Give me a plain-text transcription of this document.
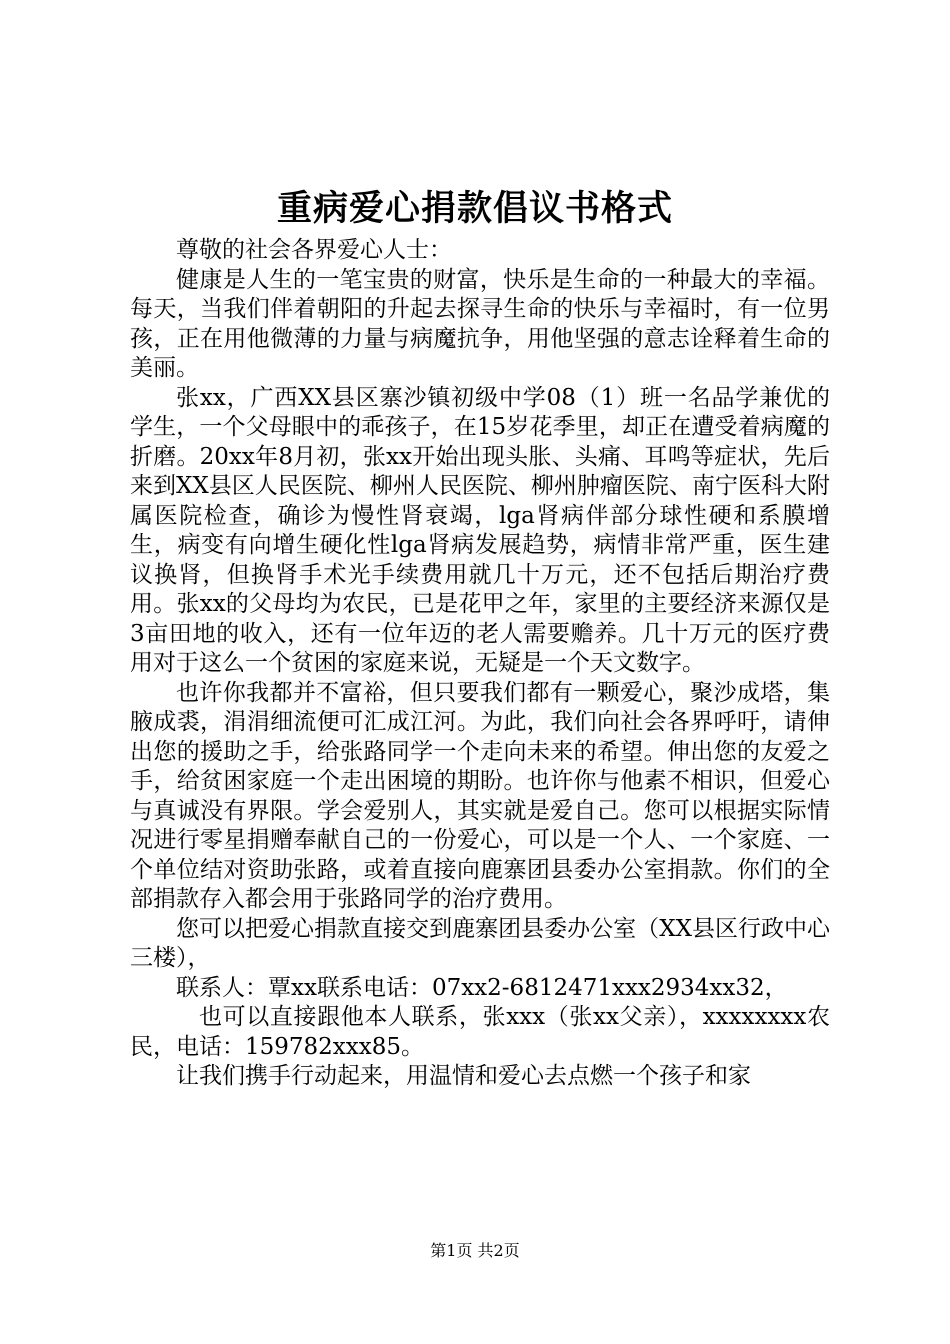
重病爱心捐款倡议书格式

尊敬的社会各界爱心人士：

健康是人生的一笔宝贵的财富，快乐是生命的一种最大的幸福。每天，当我们伴着朝阳的升起去探寻生命的快乐与幸福时，有一位男孩，正在用他微薄的力量与病魔抗争，用他坚强的意志诠释着生命的美丽。

张xx，广西XX县区寨沙镇初级中学08（1）班一名品学兼优的学生，一个父母眼中的乖孩子，在15岁花季里，却正在遭受着病魔的折磨。20xx年8月初，张xx开始出现头胀、头痛、耳鸣等症状，先后来到XX县区人民医院、柳州人民医院、柳州肿瘤医院、南宁医科大附属医院检查，确诊为慢性肾衰竭，lga肾病伴部分球性硬和系膜增生，病变有向增生硬化性lga肾病发展趋势，病情非常严重，医生建议换肾，但换肾手术光手续费用就几十万元，还不包括后期治疗费用。张xx的父母均为农民，已是花甲之年，家里的主要经济来源仅是3亩田地的收入，还有一位年迈的老人需要赡养。几十万元的医疗费用对于这么一个贫困的家庭来说，无疑是一个天文数字。

也许你我都并不富裕，但只要我们都有一颗爱心，聚沙成塔，集腋成裘，涓涓细流便可汇成江河。为此，我们向社会各界呼吁，请伸出您的援助之手，给张路同学一个走向未来的希望。伸出您的友爱之手，给贫困家庭一个走出困境的期盼。也许你与他素不相识，但爱心与真诚没有界限。学会爱别人，其实就是爱自己。您可以根据实际情况进行零星捐赠奉献自己的一份爱心，可以是一个人、一个家庭、一个单位结对资助张路，或着直接向鹿寨团县委办公室捐款。你们的全部捐款存入都会用于张路同学的治疗费用。

您可以把爱心捐款直接交到鹿寨团县委办公室（XX县区行政中心三楼），

联系人：覃xx联系电话：07xx2-6812471xxx2934xx32，

也可以直接跟他本人联系，张xxx（张xx父亲），xxxxxxxx农民，电话：159782xxx85。

让我们携手行动起来，用温情和爱心去点燃一个孩子和家

第1页 共2页
